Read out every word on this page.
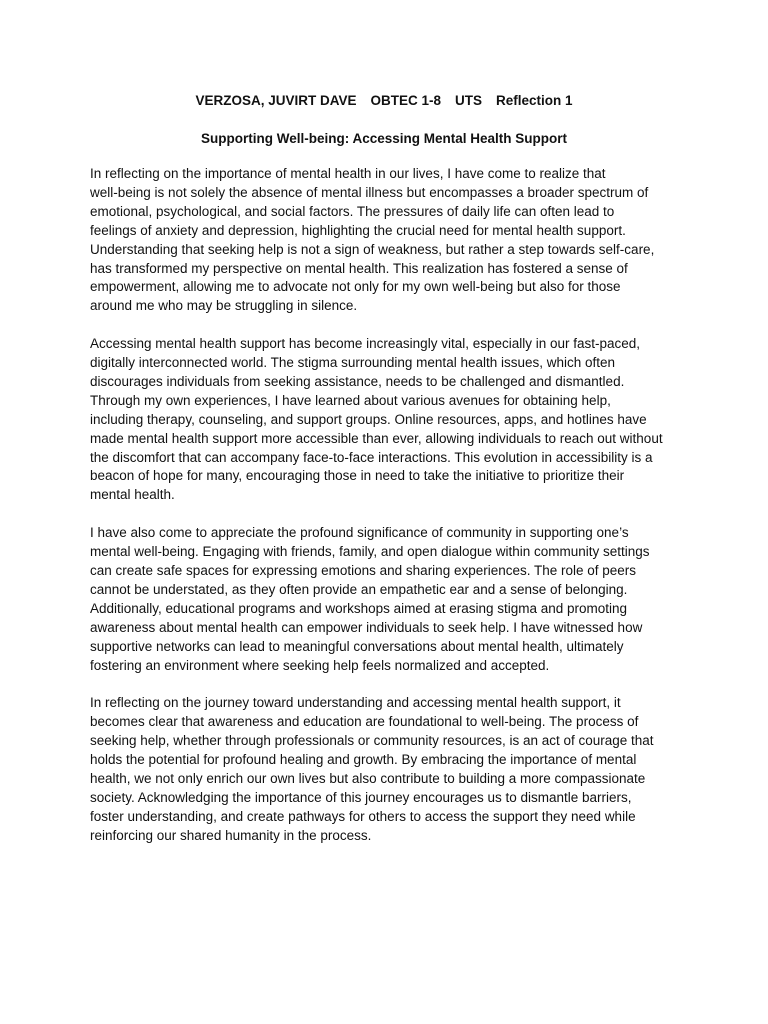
VERZOSA, JUVIRT DAVE OBTEC 1-8 UTS Reflection 1
Supporting Well-being: Accessing Mental Health Support

In reflecting on the importance of mental health in our lives, I have come to realize that
well-being is not solely the absence of mental illness but encompasses a broader spectrum of
emotional, psychological, and social factors. The pressures of daily life can often lead to
feelings of anxiety and depression, highlighting the crucial need for mental health support.
Understanding that seeking help is not a sign of weakness, but rather a step towards self-care,
has transformed my perspective on mental health. This realization has fostered a sense of
empowerment, allowing me to advocate not only for my own well-being but also for those
around me who may be struggling in silence.

Accessing mental health support has become increasingly vital, especially in our fast-paced,
digitally interconnected world. The stigma surrounding mental health issues, which often
discourages individuals from seeking assistance, needs to be challenged and dismantled.
Through my own experiences, I have learned about various avenues for obtaining help,
including therapy, counseling, and support groups. Online resources, apps, and hotlines have
made mental health support more accessible than ever, allowing individuals to reach out without
the discomfort that can accompany face-to-face interactions. This evolution in accessibility is a
beacon of hope for many, encouraging those in need to take the initiative to prioritize their
mental health.

I have also come to appreciate the profound significance of community in supporting one’s
mental well-being. Engaging with friends, family, and open dialogue within community settings
can create safe spaces for expressing emotions and sharing experiences. The role of peers
cannot be understated, as they often provide an empathetic ear and a sense of belonging.
Additionally, educational programs and workshops aimed at erasing stigma and promoting
awareness about mental health can empower individuals to seek help. I have witnessed how
supportive networks can lead to meaningful conversations about mental health, ultimately
fostering an environment where seeking help feels normalized and accepted.

In reflecting on the journey toward understanding and accessing mental health support, it
becomes clear that awareness and education are foundational to well-being. The process of
seeking help, whether through professionals or community resources, is an act of courage that
holds the potential for profound healing and growth. By embracing the importance of mental
health, we not only enrich our own lives but also contribute to building a more compassionate
society. Acknowledging the importance of this journey encourages us to dismantle barriers,
foster understanding, and create pathways for others to access the support they need while
reinforcing our shared humanity in the process.
